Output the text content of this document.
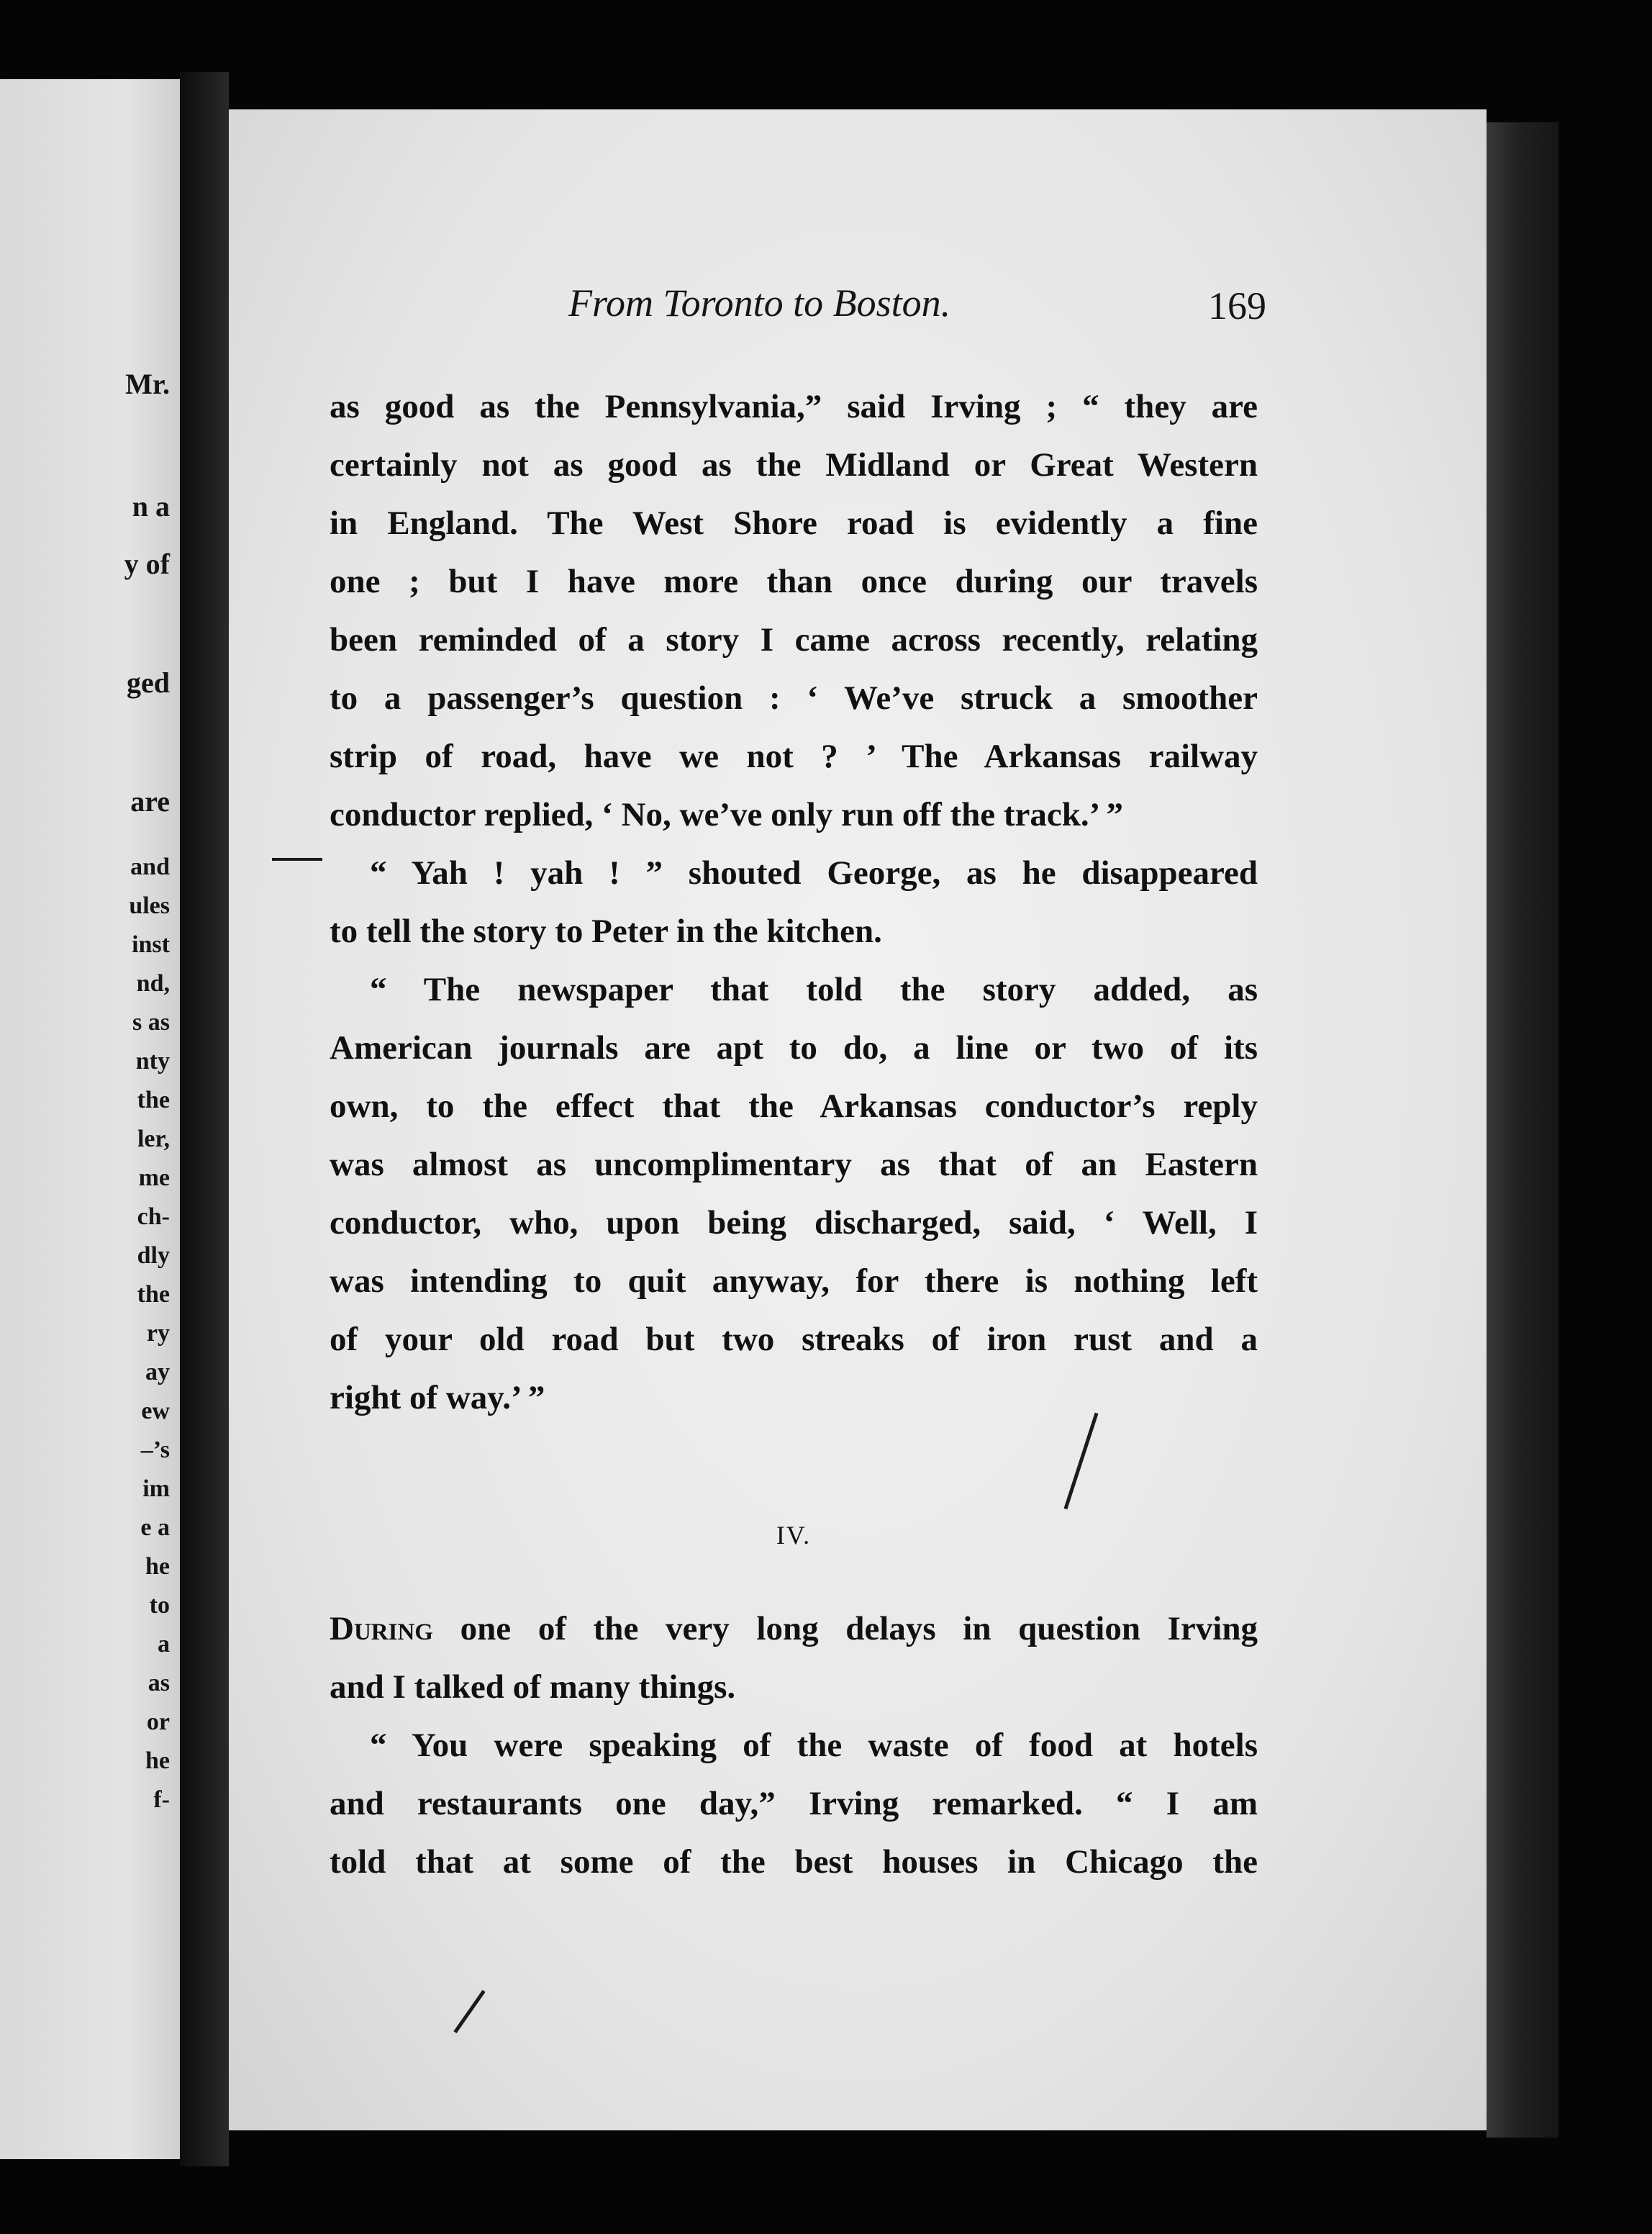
Mr.
n a
y of
ged
are
and
ules
inst
nd,
s as
nty
the
ler,
me
ch-
dly
the
ry
ay
ew
–’s
im
e a
he
to
a
as
or
he
f-
From Toronto to Boston.	169
as good as the Pennsylvania,” said Irving ; “ they are
certainly not as good as the Midland or Great Western
in England. The West Shore road is evidently a fine
one ; but I have more than once during our travels
been reminded of a story I came across recently, relating
to a passenger’s question : ‘ We’ve struck a smoother
strip of road, have we not ? ’ The Arkansas railway
conductor replied, ‘ No, we’ve only run off the track.’ ”
“ Yah ! yah ! ” shouted George, as he disappeared
to tell the story to Peter in the kitchen.
“ The newspaper that told the story added, as
American journals are apt to do, a line or two of its
own, to the effect that the Arkansas conductor’s reply
was almost as uncomplimentary as that of an Eastern
conductor, who, upon being discharged, said, ‘ Well, I
was intending to quit anyway, for there is nothing left
of your old road but two streaks of iron rust and a
right of way.’ ”
IV.
During one of the very long delays in question Irving
and I talked of many things.
“ You were speaking of the waste of food at hotels
and restaurants one day,” Irving remarked. “ I am
told that at some of the best houses in Chicago the
